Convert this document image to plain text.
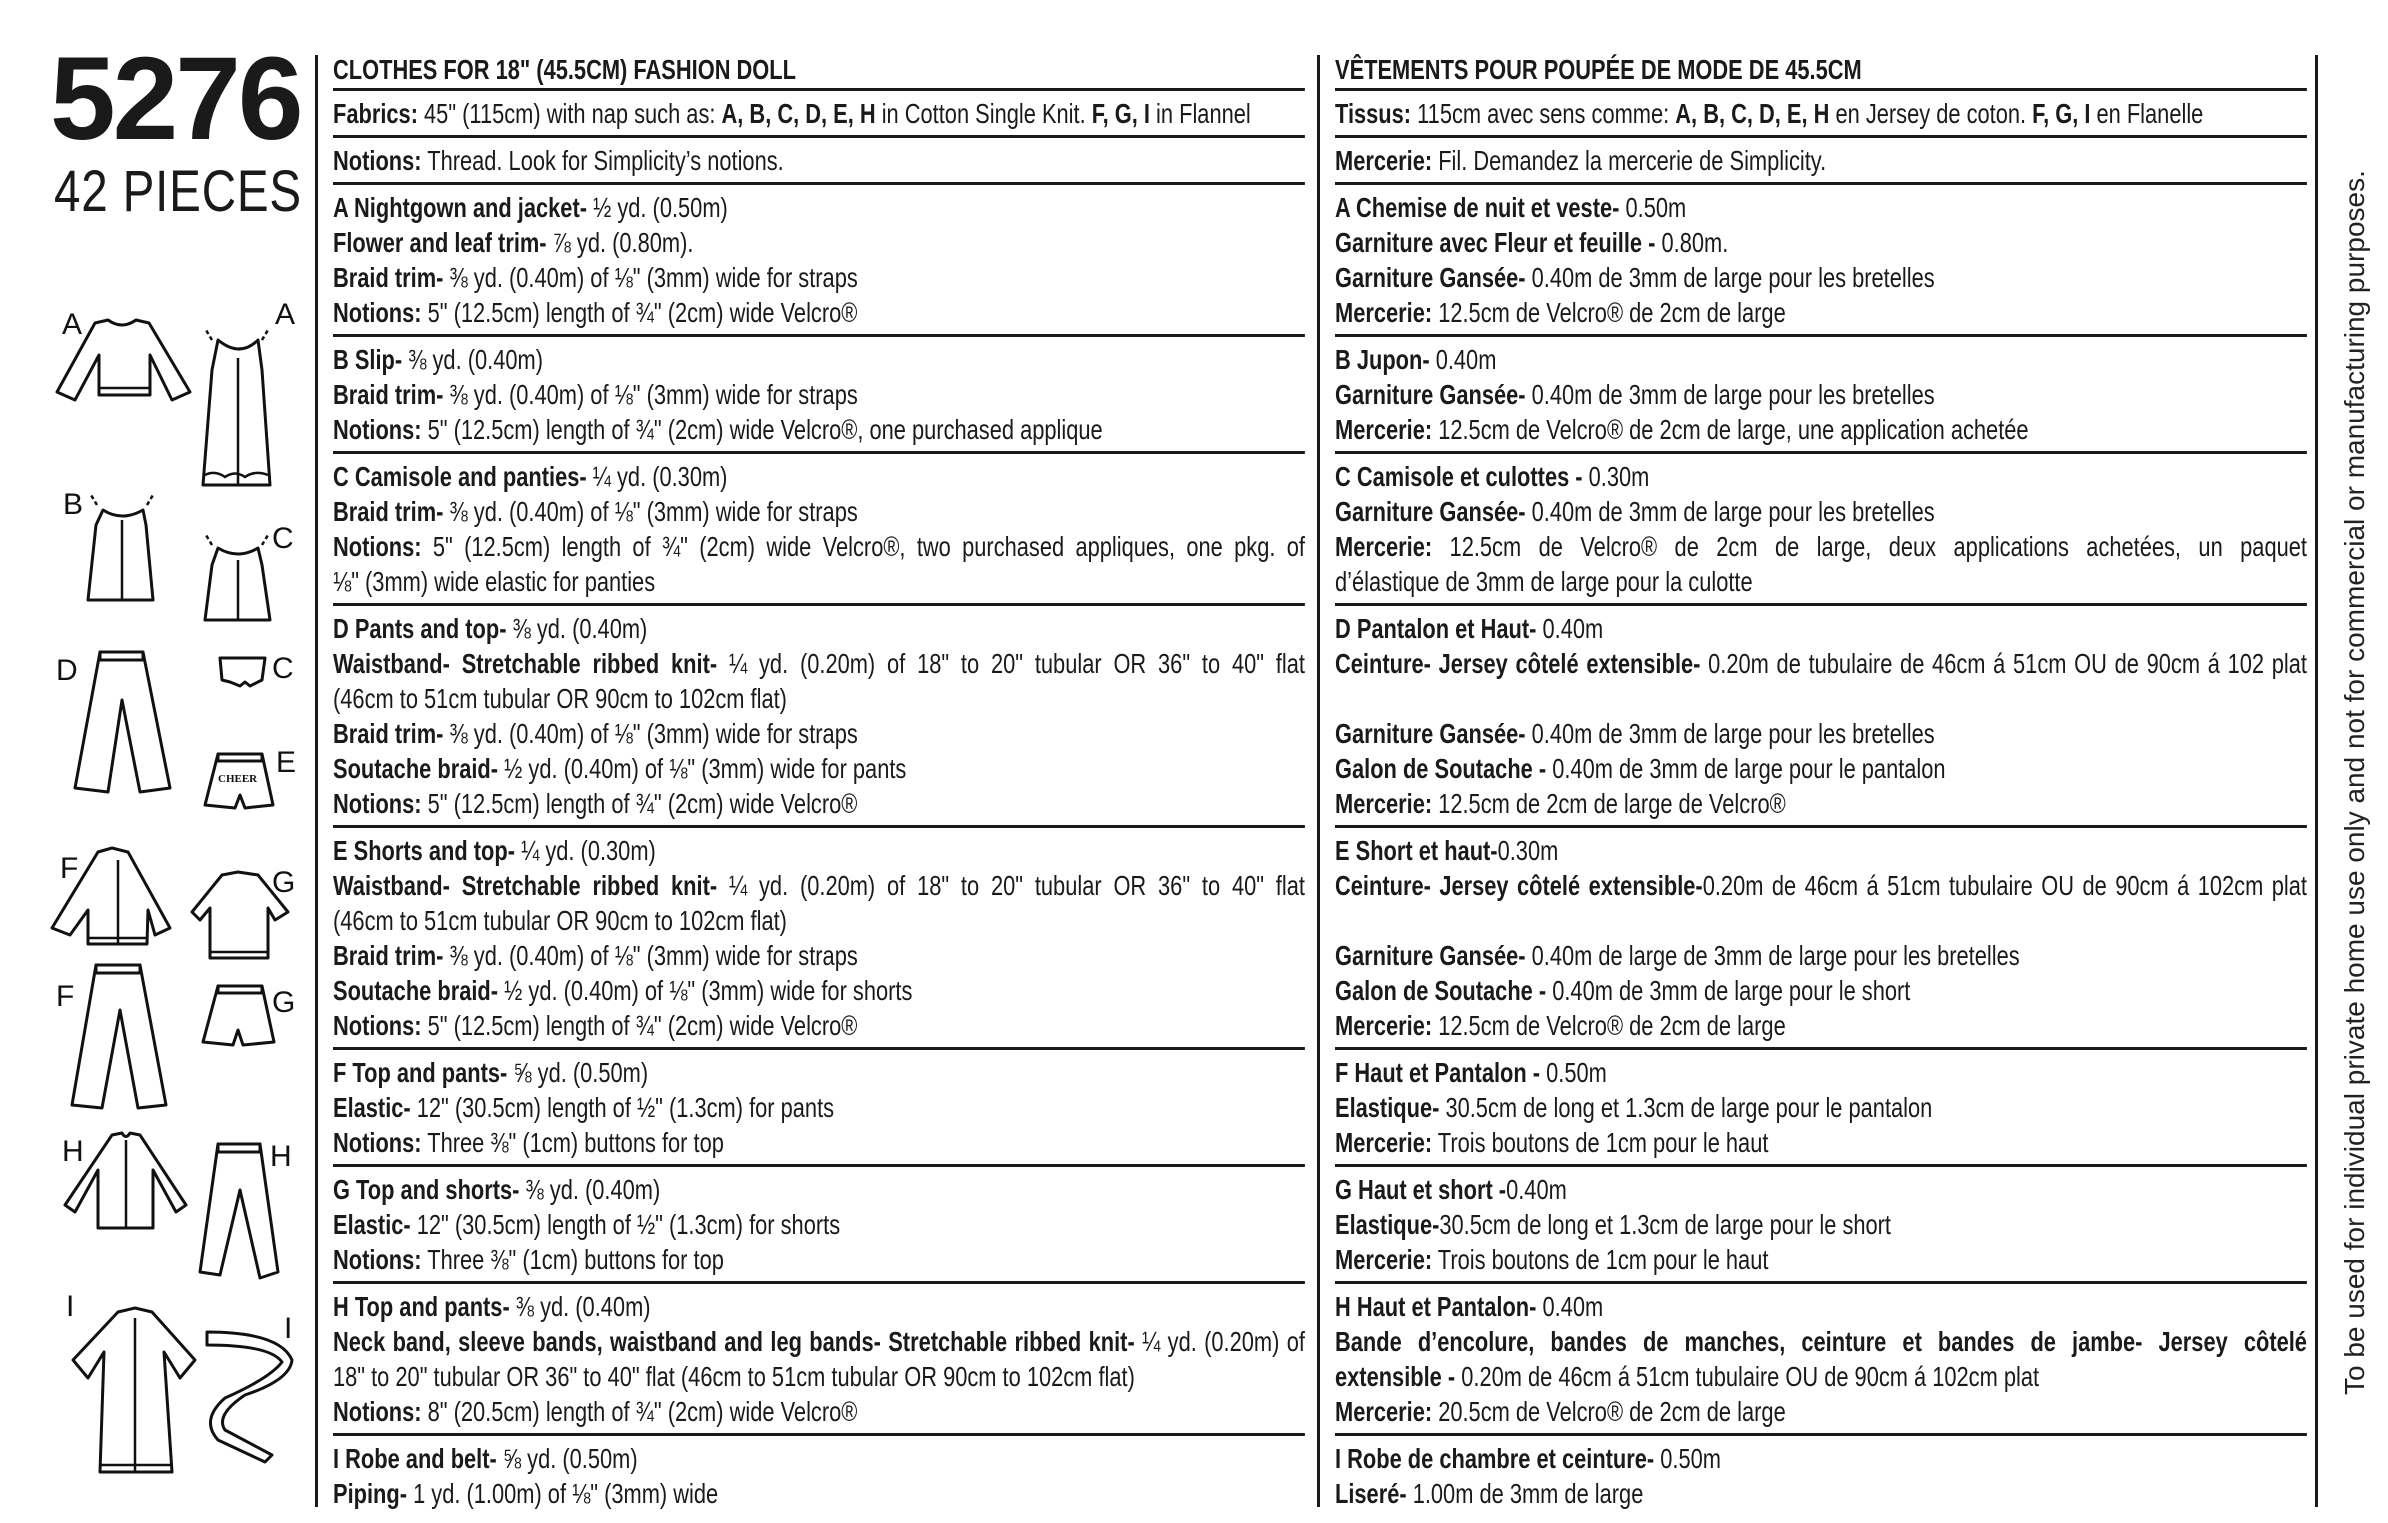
5276
42 PIECES
A	A
B
C
D	C
E
F	G
F	G
H	H
I
I
CHEER
CLOTHES FOR 18" (45.5CM) FASHION DOLL
Fabrics: 45" (115cm) with nap such as: A, B, C, D, E, H in Cotton Single Knit. F, G, I in Flannel
Notions: Thread. Look for Simplicity’s notions.
A Nightgown and jacket- ½ yd. (0.50m)
Flower and leaf trim- ⅞ yd. (0.80m).
Braid trim- ⅜ yd. (0.40m) of ⅛" (3mm) wide for straps
Notions: 5" (12.5cm) length of ¾" (2cm) wide Velcro®
B Slip- ⅜ yd. (0.40m)
Braid trim- ⅜ yd. (0.40m) of ⅛" (3mm) wide for straps
Notions: 5" (12.5cm) length of ¾" (2cm) wide Velcro®, one purchased applique
C Camisole and panties- ¼ yd. (0.30m)
Braid trim- ⅜ yd. (0.40m) of ⅛" (3mm) wide for straps
Notions: 5" (12.5cm) length of ¾" (2cm) wide Velcro®, two purchased appliques, one pkg. of
⅛" (3mm) wide elastic for panties
D Pants and top- ⅜ yd. (0.40m)
Waistband- Stretchable ribbed knit- ¼ yd. (0.20m) of 18" to 20" tubular OR 36" to 40" flat
(46cm to 51cm tubular OR 90cm to 102cm flat)
Braid trim- ⅜ yd. (0.40m) of ⅛" (3mm) wide for straps
Soutache braid- ½ yd. (0.40m) of ⅛" (3mm) wide for pants
Notions: 5" (12.5cm) length of ¾" (2cm) wide Velcro®
E Shorts and top- ¼ yd. (0.30m)
Waistband- Stretchable ribbed knit- ¼ yd. (0.20m) of 18" to 20" tubular OR 36" to 40" flat
(46cm to 51cm tubular OR 90cm to 102cm flat)
Braid trim- ⅜ yd. (0.40m) of ⅛" (3mm) wide for straps
Soutache braid- ½ yd. (0.40m) of ⅛" (3mm) wide for shorts
Notions: 5" (12.5cm) length of ¾" (2cm) wide Velcro®
F Top and pants- ⅝ yd. (0.50m)
Elastic- 12" (30.5cm) length of ½" (1.3cm) for pants
Notions: Three ⅜" (1cm) buttons for top
G Top and shorts- ⅜ yd. (0.40m)
Elastic- 12" (30.5cm) length of ½" (1.3cm) for shorts
Notions: Three ⅜" (1cm) buttons for top
H Top and pants- ⅜ yd. (0.40m)
Neck band, sleeve bands, waistband and leg bands- Stretchable ribbed knit- ¼ yd. (0.20m) of
18" to 20" tubular OR 36" to 40" flat (46cm to 51cm tubular OR 90cm to 102cm flat)
Notions: 8" (20.5cm) length of ¾" (2cm) wide Velcro®
I Robe and belt- ⅝ yd. (0.50m)
Piping- 1 yd. (1.00m) of ⅛" (3mm) wide
VÊTEMENTS POUR POUPÉE DE MODE DE 45.5CM
Tissus: 115cm avec sens comme: A, B, C, D, E, H en Jersey de coton. F, G, I en Flanelle
Mercerie: Fil. Demandez la mercerie de Simplicity.
A Chemise de nuit et veste- 0.50m
Garniture avec Fleur et feuille - 0.80m.
Garniture Gansée- 0.40m de 3mm de large pour les bretelles
Mercerie: 12.5cm de Velcro® de 2cm de large
B Jupon- 0.40m
Garniture Gansée- 0.40m de 3mm de large pour les bretelles
Mercerie: 12.5cm de Velcro® de 2cm de large, une application achetée
C Camisole et culottes - 0.30m
Garniture Gansée- 0.40m de 3mm de large pour les bretelles
Mercerie: 12.5cm de Velcro® de 2cm de large, deux applications achetées, un paquet
d’élastique de 3mm de large pour la culotte
D Pantalon et Haut- 0.40m
Ceinture- Jersey côtelé extensible- 0.20m de tubulaire de 46cm á 51cm OU de 90cm á 102 plat
Garniture Gansée- 0.40m de 3mm de large pour les bretelles
Galon de Soutache - 0.40m de 3mm de large pour le pantalon
Mercerie: 12.5cm de 2cm de large de Velcro®
E Short et haut-0.30m
Ceinture- Jersey côtelé extensible-0.20m de 46cm á 51cm tubulaire OU de 90cm á 102cm plat
Garniture Gansée- 0.40m de large de 3mm de large pour les bretelles
Galon de Soutache - 0.40m de 3mm de large pour le short
Mercerie: 12.5cm de Velcro® de 2cm de large
F Haut et Pantalon - 0.50m
Elastique- 30.5cm de long et 1.3cm de large pour le pantalon
Mercerie: Trois boutons de 1cm pour le haut
G Haut et short -0.40m
Elastique-30.5cm de long et 1.3cm de large pour le short
Mercerie: Trois boutons de 1cm pour le haut
H Haut et Pantalon- 0.40m
Bande d’encolure, bandes de manches, ceinture et bandes de jambe- Jersey côtelé
extensible - 0.20m de 46cm á 51cm tubulaire OU de 90cm á 102cm plat
Mercerie: 20.5cm de Velcro® de 2cm de large
I Robe de chambre et ceinture- 0.50m
Liseré- 1.00m de 3mm de large
To be used for individual private home use only and not for commercial or manufacturing purposes.
